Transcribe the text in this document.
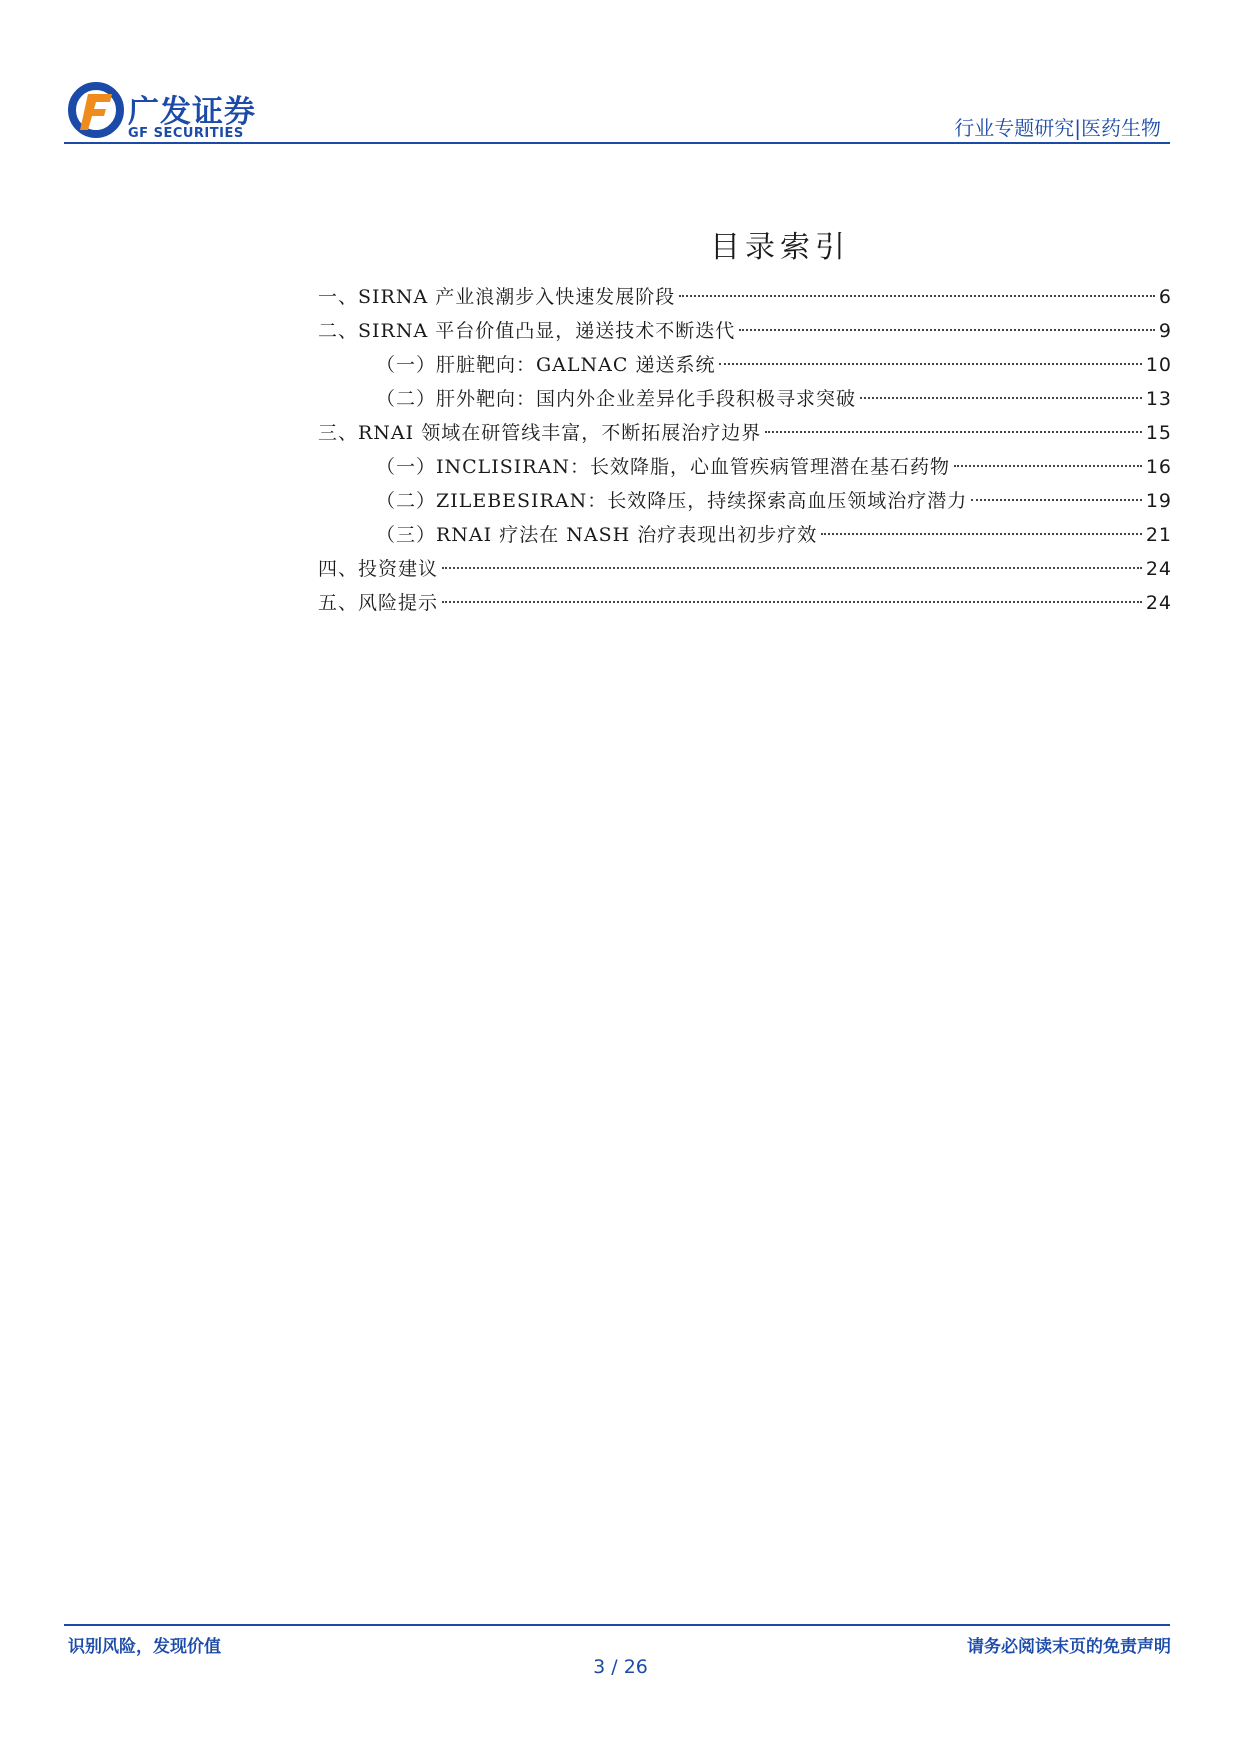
广发证券
GF SECURITIES	行业专题研究|医药生物
目录索引
一、SIRNA 产业浪潮步入快速发展阶段	6
二、SIRNA 平台价值凸显，递送技术不断迭代	9
（一）肝脏靶向：GALNAC 递送系统	10
（二）肝外靶向：国内外企业差异化手段积极寻求突破	13
三、RNAI 领域在研管线丰富，不断拓展治疗边界	15
（一）INCLISIRAN：长效降脂，心血管疾病管理潜在基石药物	16
（二）ZILEBESIRAN：长效降压，持续探索高血压领域治疗潜力	19
（三）RNAI 疗法在 NASH 治疗表现出初步疗效	21
四、投资建议	24
五、风险提示	24
识别风险，发现价值	请务必阅读末页的免责声明
3 / 26
